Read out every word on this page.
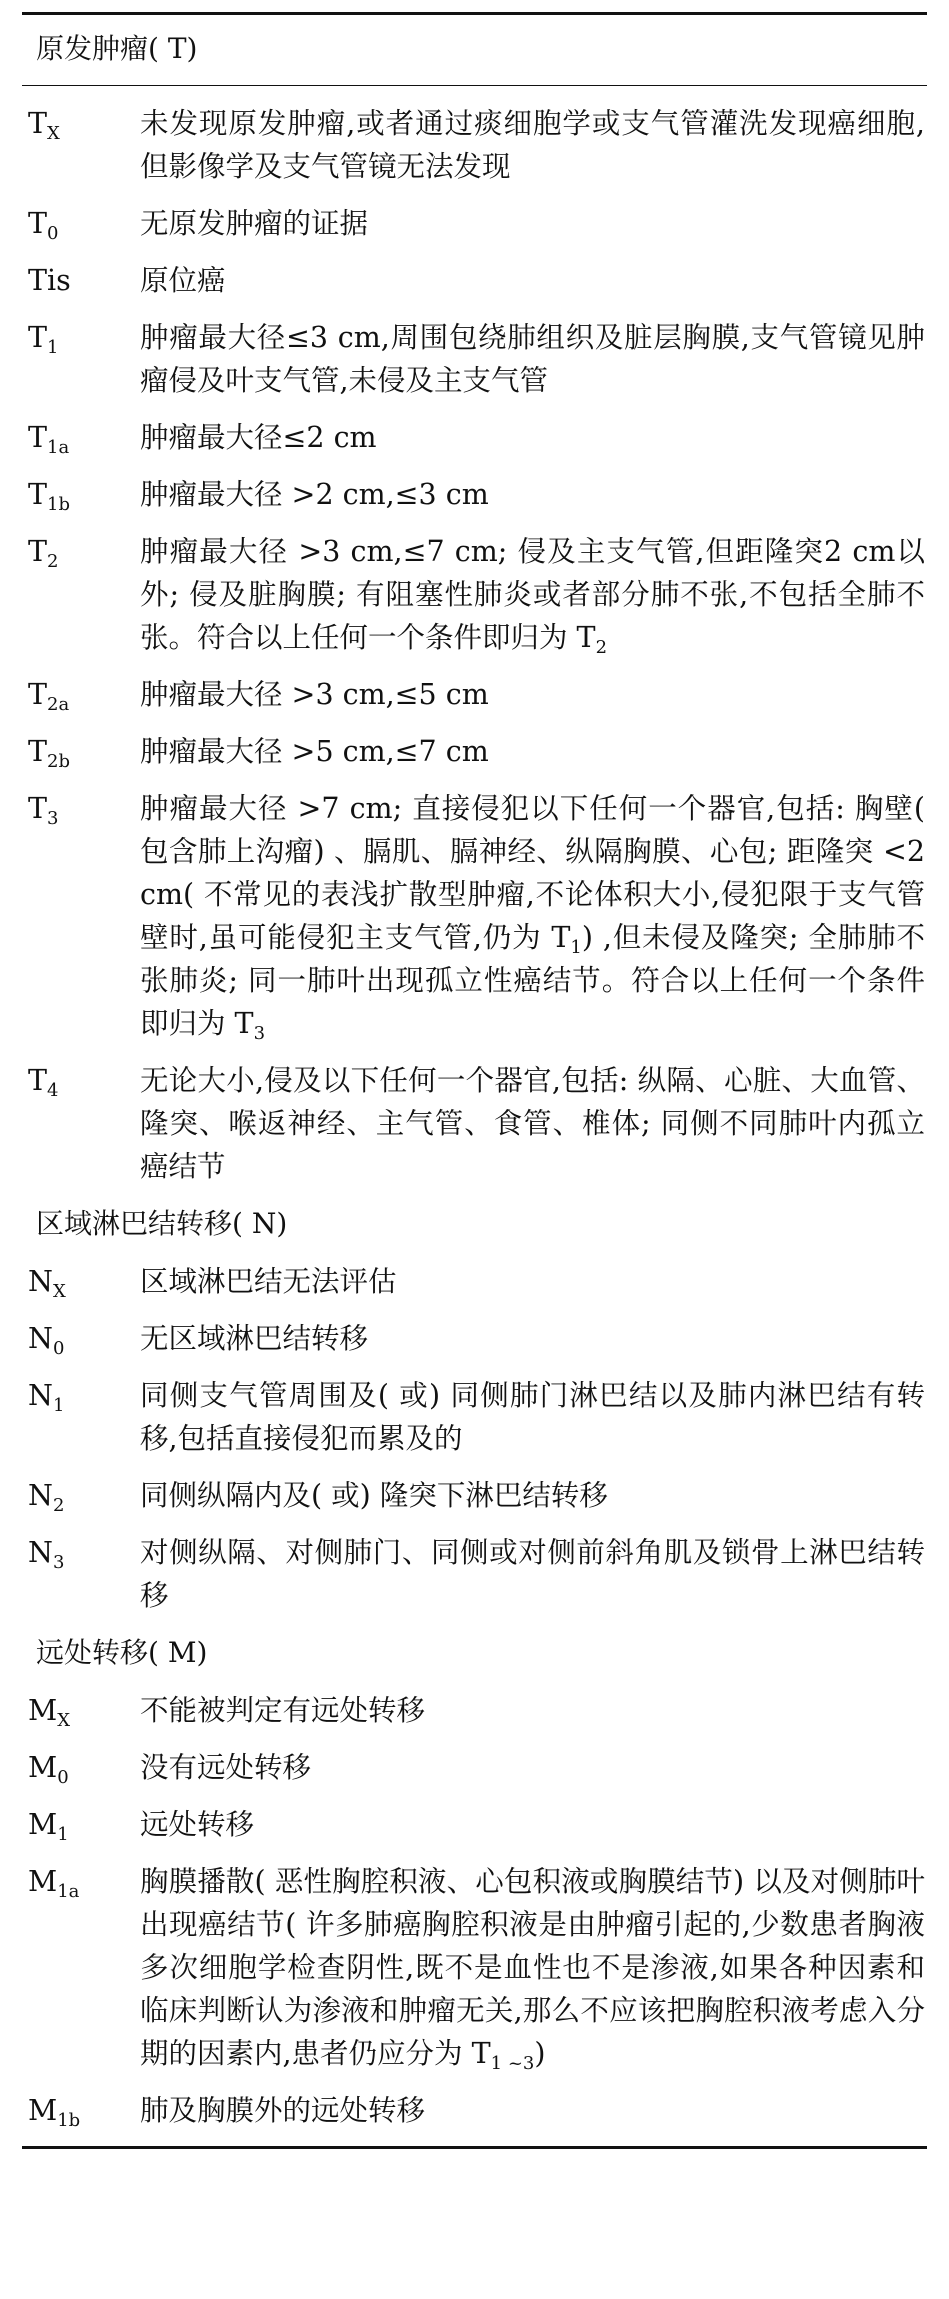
原发肿瘤( T)
$T_X$	未发现原发肿瘤,或者通过痰细胞学或支气管灌洗发现癌细胞,但影像学及支气管镜无法发现
$T_0$	无原发肿瘤的证据
Tis	原位癌
$T_1$	肿瘤最大径≤3 cm,周围包绕肺组织及脏层胸膜,支气管镜见肿瘤侵及叶支气管,未侵及主支气管
$T_{1a}$	肿瘤最大径≤2 cm
$T_{1b}$	肿瘤最大径 >2 cm,≤3 cm
$T_2$	肿瘤最大径 >3 cm,≤7 cm; 侵及主支气管,但距隆突2 cm以外; 侵及脏胸膜; 有阻塞性肺炎或者部分肺不张,不包括全肺不张。符合以上任何一个条件即归为 $T_2$
$T_{2a}$	肿瘤最大径 >3 cm,≤5 cm
$T_{2b}$	肿瘤最大径 >5 cm,≤7 cm
$T_3$	肿瘤最大径 >7 cm; 直接侵犯以下任何一个器官,包括: 胸壁( 包含肺上沟瘤) 、膈肌、膈神经、纵隔胸膜、心包; 距隆突 <2 cm( 不常见的表浅扩散型肿瘤,不论体积大小,侵犯限于支气管壁时,虽可能侵犯主支气管,仍为 $T_1$) ,但未侵及隆突; 全肺肺不张肺炎; 同一肺叶出现孤立性癌结节。符合以上任何一个条件即归为 $T_3$
$T_4$	无论大小,侵及以下任何一个器官,包括: 纵隔、心脏、大血管、隆突、喉返神经、主气管、食管、椎体; 同侧不同肺叶内孤立癌结节
区域淋巴结转移( N)
$N_X$	区域淋巴结无法评估
$N_0$	无区域淋巴结转移
$N_1$	同侧支气管周围及( 或) 同侧肺门淋巴结以及肺内淋巴结有转移,包括直接侵犯而累及的
$N_2$	同侧纵隔内及( 或) 隆突下淋巴结转移
$N_3$	对侧纵隔、对侧肺门、同侧或对侧前斜角肌及锁骨上淋巴结转移
远处转移( M)
$M_X$	不能被判定有远处转移
$M_0$	没有远处转移
$M_1$	远处转移
$M_{1a}$	胸膜播散( 恶性胸腔积液、心包积液或胸膜结节) 以及对侧肺叶出现癌结节( 许多肺癌胸腔积液是由肿瘤引起的,少数患者胸液多次细胞学检查阴性,既不是血性也不是渗液,如果各种因素和临床判断认为渗液和肿瘤无关,那么不应该把胸腔积液考虑入分期的因素内,患者仍应分为 $T_{1 \sim 3}$)
$M_{1b}$	肺及胸膜外的远处转移
